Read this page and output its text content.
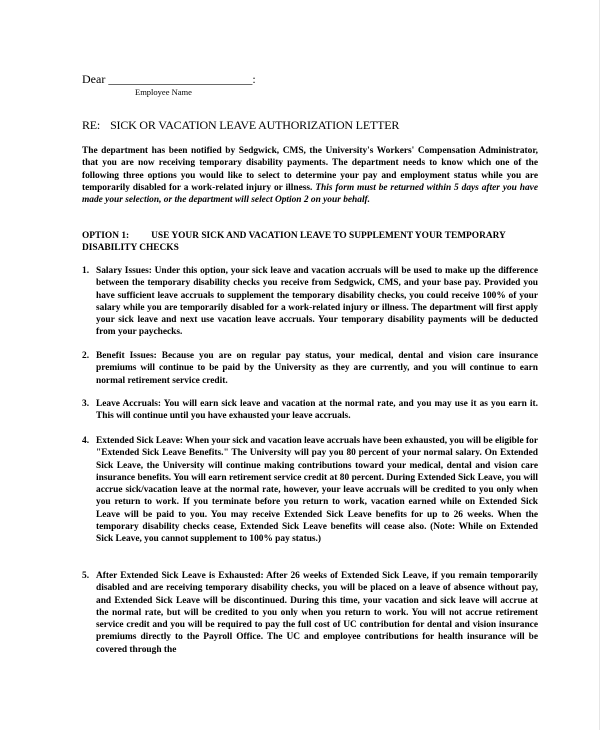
Dear ________________________:
Employee Name
RE: SICK OR VACATION LEAVE AUTHORIZATION LETTER
The department has been notified by Sedgwick, CMS, the University's Workers' Compensation Administrator, that you are now receiving temporary disability payments. The department needs to know which one of the following three options you would like to select to determine your pay and employment status while you are temporarily disabled for a work-related injury or illness. This form must be returned within 5 days after you have made your selection, or the department will select Option 2 on your behalf.
OPTION 1: USE YOUR SICK AND VACATION LEAVE TO SUPPLEMENT YOUR TEMPORARY DISABILITY CHECKS
1. Salary Issues: Under this option, your sick leave and vacation accruals will be used to make up the difference between the temporary disability checks you receive from Sedgwick, CMS, and your base pay. Provided you have sufficient leave accruals to supplement the temporary disability checks, you could receive 100% of your salary while you are temporarily disabled for a work-related injury or illness. The department will first apply your sick leave and next use vacation leave accruals. Your temporary disability payments will be deducted from your paychecks.
2. Benefit Issues: Because you are on regular pay status, your medical, dental and vision care insurance premiums will continue to be paid by the University as they are currently, and you will continue to earn normal retirement service credit.
3. Leave Accruals: You will earn sick leave and vacation at the normal rate, and you may use it as you earn it. This will continue until you have exhausted your leave accruals.
4. Extended Sick Leave: When your sick and vacation leave accruals have been exhausted, you will be eligible for "Extended Sick Leave Benefits." The University will pay you 80 percent of your normal salary. On Extended Sick Leave, the University will continue making contributions toward your medical, dental and vision care insurance benefits. You will earn retirement service credit at 80 percent. During Extended Sick Leave, you will accrue sick/vacation leave at the normal rate, however, your leave accruals will be credited to you only when you return to work. If you terminate before you return to work, vacation earned while on Extended Sick Leave will be paid to you. You may receive Extended Sick Leave benefits for up to 26 weeks. When the temporary disability checks cease, Extended Sick Leave benefits will cease also. (Note: While on Extended Sick Leave, you cannot supplement to 100% pay status.)
5. After Extended Sick Leave is Exhausted: After 26 weeks of Extended Sick Leave, if you remain temporarily disabled and are receiving temporary disability checks, you will be placed on a leave of absence without pay, and Extended Sick Leave will be discontinued. During this time, your vacation and sick leave will accrue at the normal rate, but will be credited to you only when you return to work. You will not accrue retirement service credit and you will be required to pay the full cost of UC contribution for dental and vision insurance premiums directly to the Payroll Office. The UC and employee contributions for health insurance will be covered through the
